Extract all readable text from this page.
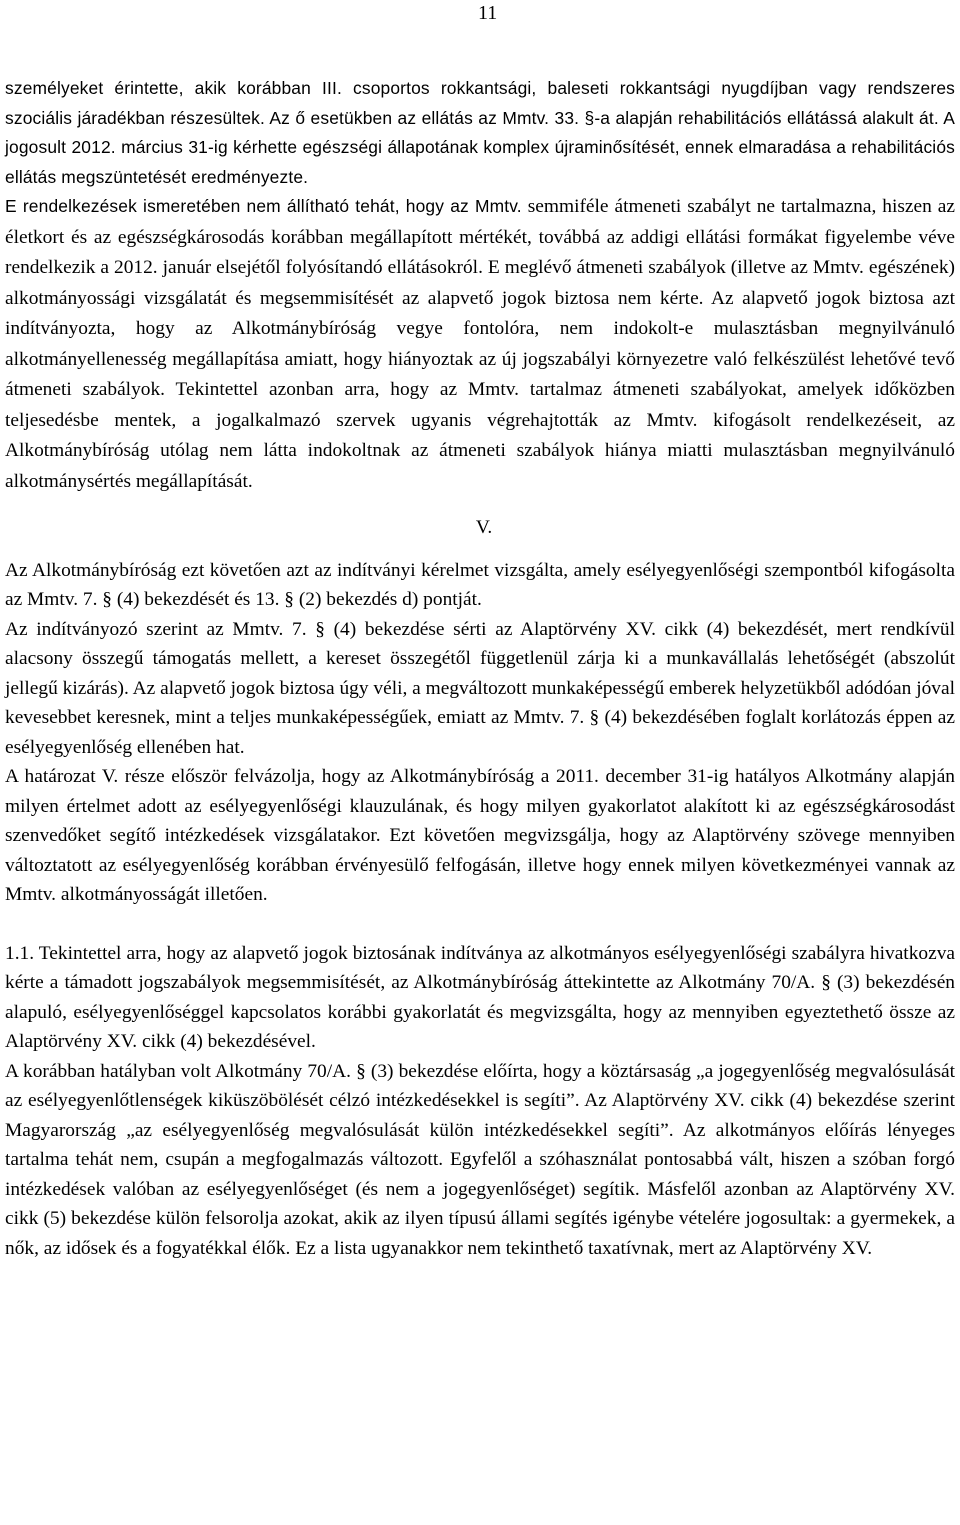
11

személyeket érintette, akik korábban III. csoportos rokkantsági, baleseti rokkantsági nyugdíjban vagy rendszeres szociális járadékban részesültek. Az ő esetükben az ellátás az Mmtv. 33. §-a alapján rehabilitációs ellátássá alakult át. A jogosult 2012. március 31-ig kérhette egészségi állapotának komplex újraminősítését, ennek elmaradása a rehabilitációs ellátás megszüntetését eredményezte.

E rendelkezések ismeretében nem állítható tehát, hogy az Mmtv. semmiféle átmeneti szabályt ne tartalmazna, hiszen az életkort és az egészségkárosodás korábban megállapított mértékét, továbbá az addigi ellátási formákat figyelembe véve rendelkezik a 2012. január elsejétől folyósítandó ellátásokról. E meglévő átmeneti szabályok (illetve az Mmtv. egészének) alkotmányossági vizsgálatát és megsemmisítését az alapvető jogok biztosa nem kérte. Az alapvető jogok biztosa azt indítványozta, hogy az Alkotmánybíróság vegye fontolóra, nem indokolt-e mulasztásban megnyilvánuló alkotmányellenesség megállapítása amiatt, hogy hiányoztak az új jogszabályi környezetre való felkészülést lehetővé tevő átmeneti szabályok. Tekintettel azonban arra, hogy az Mmtv. tartalmaz átmeneti szabályokat, amelyek időközben teljesedésbe mentek, a jogalkalmazó szervek ugyanis végrehajtották az Mmtv. kifogásolt rendelkezéseit, az Alkotmánybíróság utólag nem látta indokoltnak az átmeneti szabályok hiánya miatti mulasztásban megnyilvánuló alkotmánysértés megállapítását.

V.

Az Alkotmánybíróság ezt követően azt az indítványi kérelmet vizsgálta, amely esélyegyenlőségi szempontból kifogásolta az Mmtv. 7. § (4) bekezdését és 13. § (2) bekezdés d) pontját.

Az indítványozó szerint az Mmtv. 7. § (4) bekezdése sérti az Alaptörvény XV. cikk (4) bekezdését, mert rendkívül alacsony összegű támogatás mellett, a kereset összegétől függetlenül zárja ki a munkavállalás lehetőségét (abszolút jellegű kizárás). Az alapvető jogok biztosa úgy véli, a megváltozott munkaképességű emberek helyzetükből adódóan jóval kevesebbet keresnek, mint a teljes munkaképességűek, emiatt az Mmtv. 7. § (4) bekezdésében foglalt korlátozás éppen az esélyegyenlőség ellenében hat.

A határozat V. része először felvázolja, hogy az Alkotmánybíróság a 2011. december 31-ig hatályos Alkotmány alapján milyen értelmet adott az esélyegyenlőségi klauzulának, és hogy milyen gyakorlatot alakított ki az egészségkárosodást szenvedőket segítő intézkedések vizsgálatakor. Ezt követően megvizsgálja, hogy az Alaptörvény szövege mennyiben változtatott az esélyegyenlőség korábban érvényesülő felfogásán, illetve hogy ennek milyen következményei vannak az Mmtv. alkotmányosságát illetően.

1.1. Tekintettel arra, hogy az alapvető jogok biztosának indítványa az alkotmányos esélyegyenlőségi szabályra hivatkozva kérte a támadott jogszabályok megsemmisítését, az Alkotmánybíróság áttekintette az Alkotmány 70/A. § (3) bekezdésén alapuló, esélyegyenlőséggel kapcsolatos korábbi gyakorlatát és megvizsgálta, hogy az mennyiben egyeztethető össze az Alaptörvény XV. cikk (4) bekezdésével.

A korábban hatályban volt Alkotmány 70/A. § (3) bekezdése előírta, hogy a köztársaság „a jogegyenlőség megvalósulását az esélyegyenlőtlenségek kiküszöbölését célzó intézkedésekkel is segíti”. Az Alaptörvény XV. cikk (4) bekezdése szerint Magyarország „az esélyegyenlőség megvalósulását külön intézkedésekkel segíti”. Az alkotmányos előírás lényeges tartalma tehát nem, csupán a megfogalmazás változott. Egyfelől a szóhasználat pontosabbá vált, hiszen a szóban forgó intézkedések valóban az esélyegyenlőséget (és nem a jogegyenlőséget) segítik. Másfelől azonban az Alaptörvény XV. cikk (5) bekezdése külön felsorolja azokat, akik az ilyen típusú állami segítés igénybe vételére jogosultak: a gyermekek, a nők, az idősek és a fogyatékkal élők. Ez a lista ugyanakkor nem tekinthető taxatívnak, mert az Alaptörvény XV.
